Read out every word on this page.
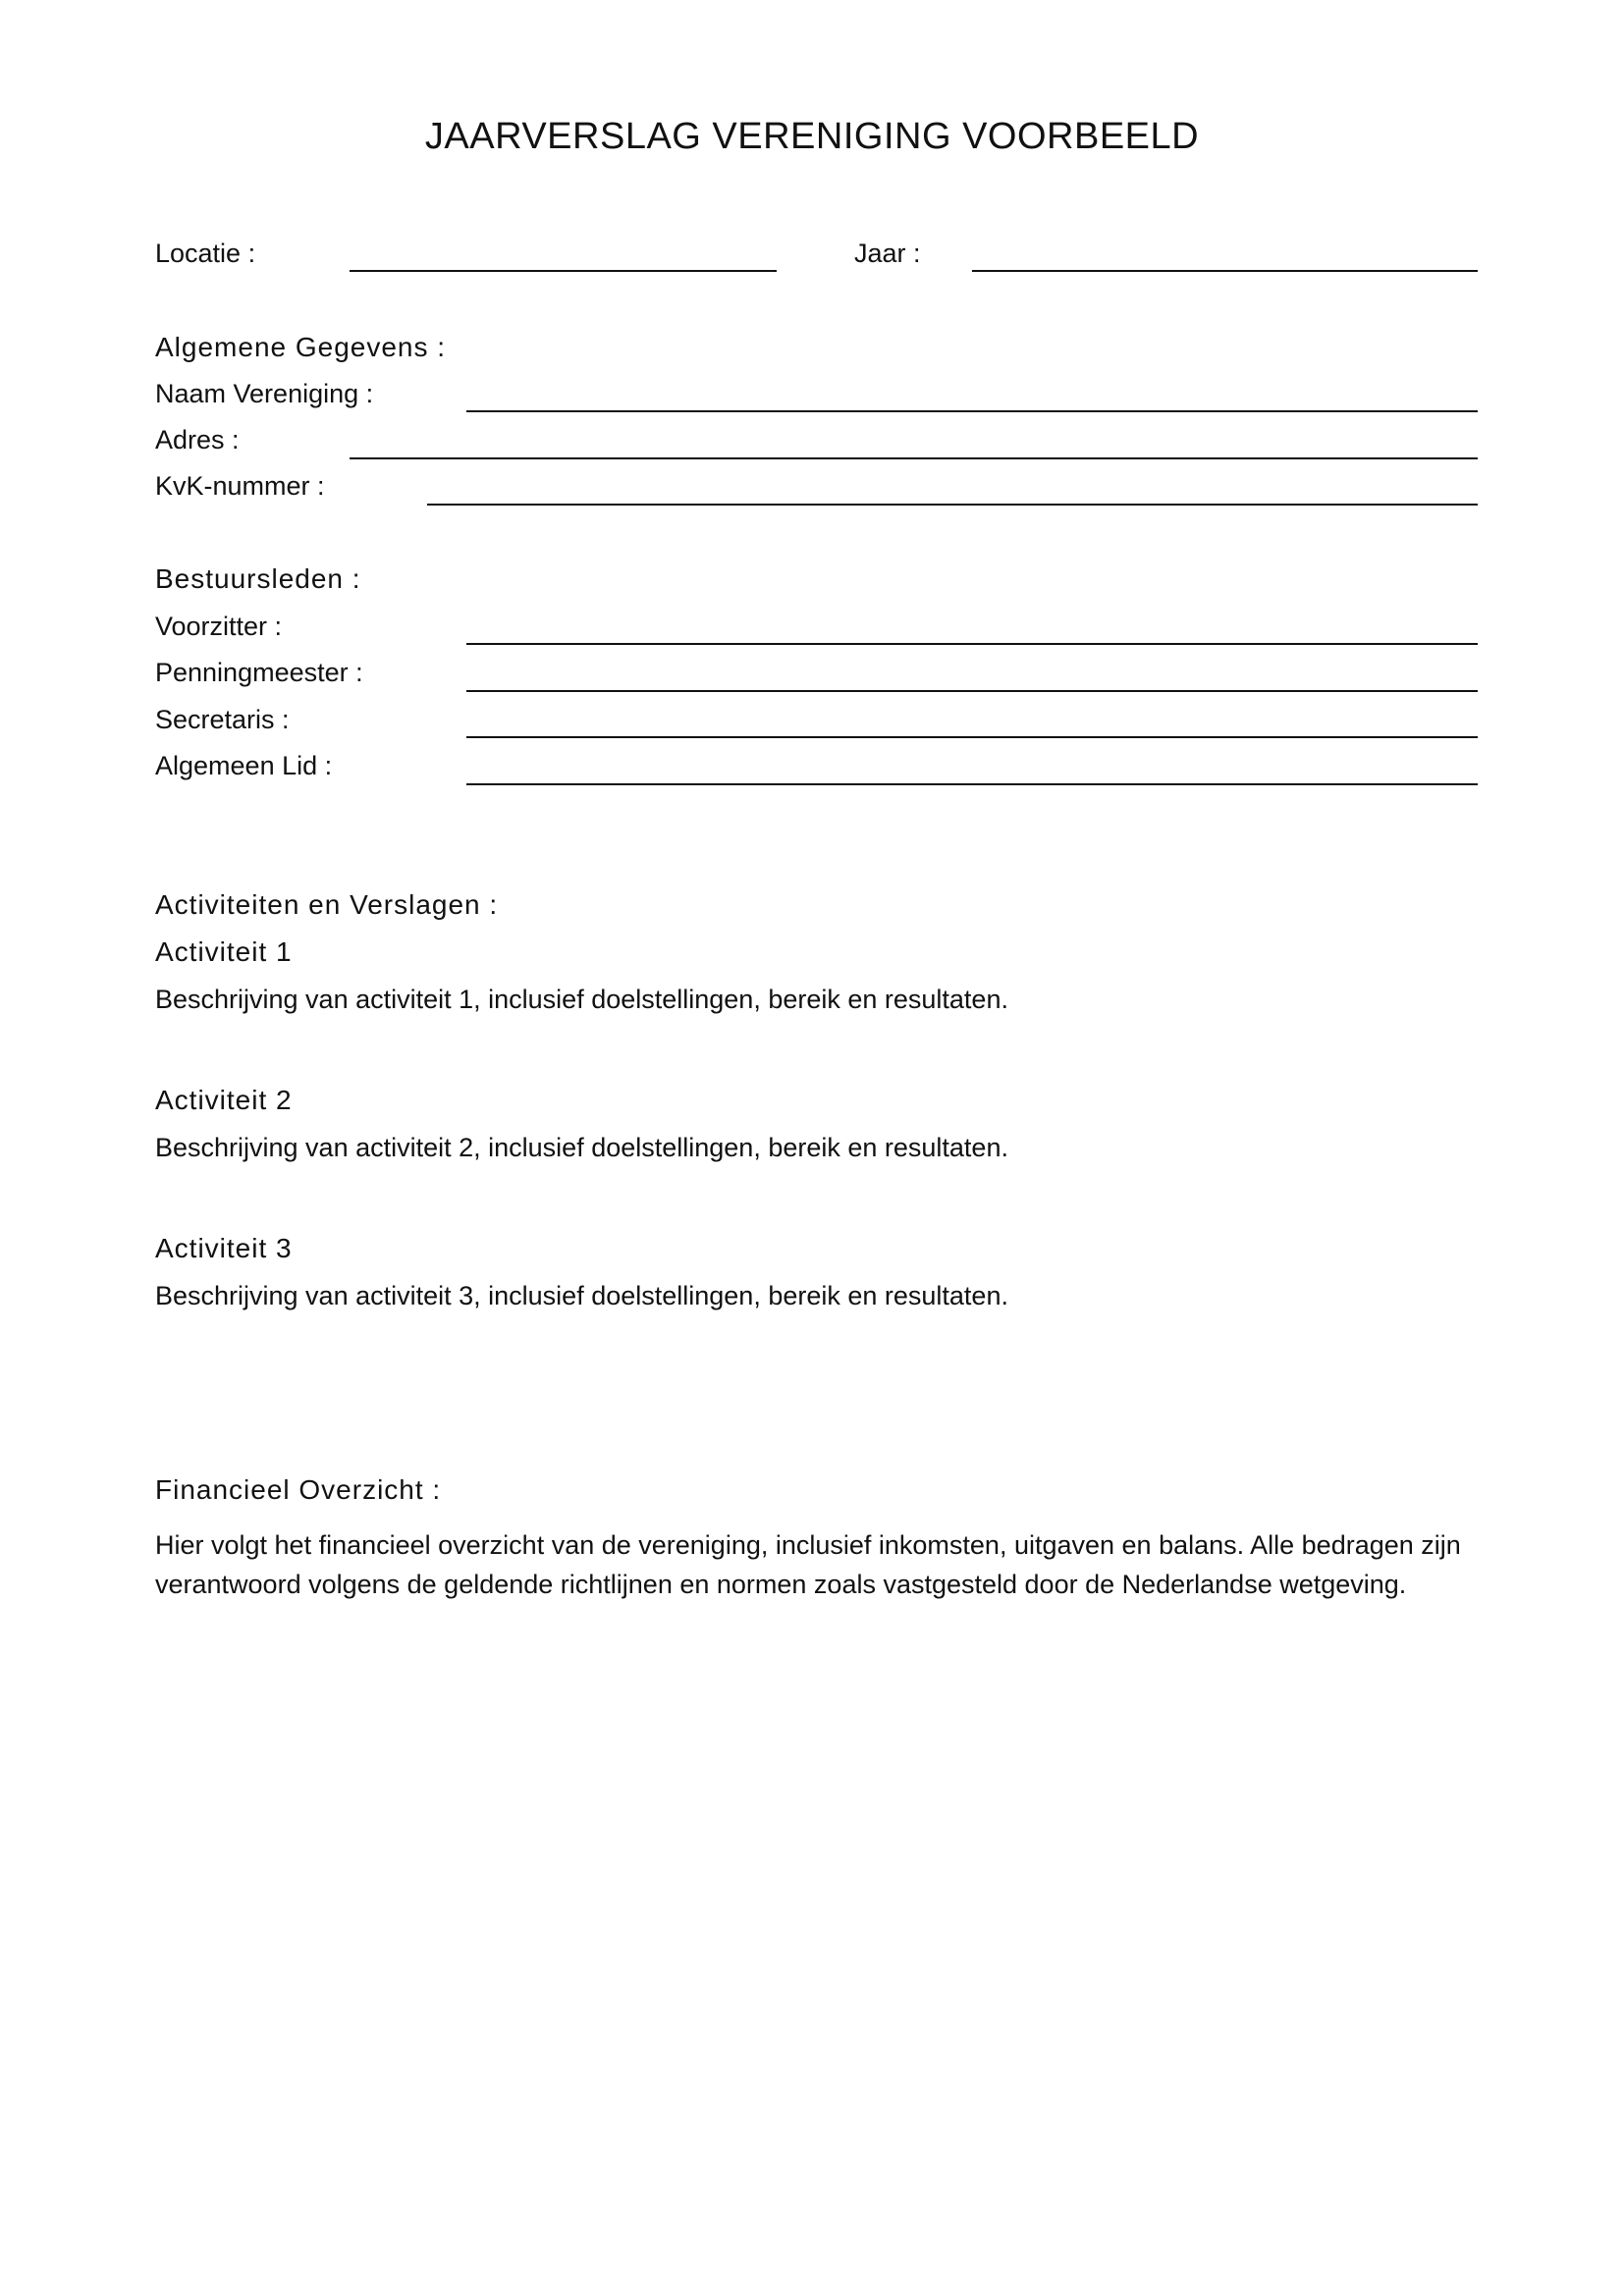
JAARVERSLAG VERENIGING VOORBEELD
Locatie :	Jaar :
Algemene Gegevens :
Naam Vereniging :
Adres :
KvK-nummer :
Bestuursleden :
Voorzitter :
Penningmeester :
Secretaris :
Algemeen Lid :
Activiteiten en Verslagen :
Activiteit 1
Beschrijving van activiteit 1, inclusief doelstellingen, bereik en resultaten.
Activiteit 2
Beschrijving van activiteit 2, inclusief doelstellingen, bereik en resultaten.
Activiteit 3
Beschrijving van activiteit 3, inclusief doelstellingen, bereik en resultaten.
Financieel Overzicht :
Hier volgt het financieel overzicht van de vereniging, inclusief inkomsten, uitgaven en balans. Alle bedragen zijn verantwoord volgens de geldende richtlijnen en normen zoals vastgesteld door de Nederlandse wetgeving.
